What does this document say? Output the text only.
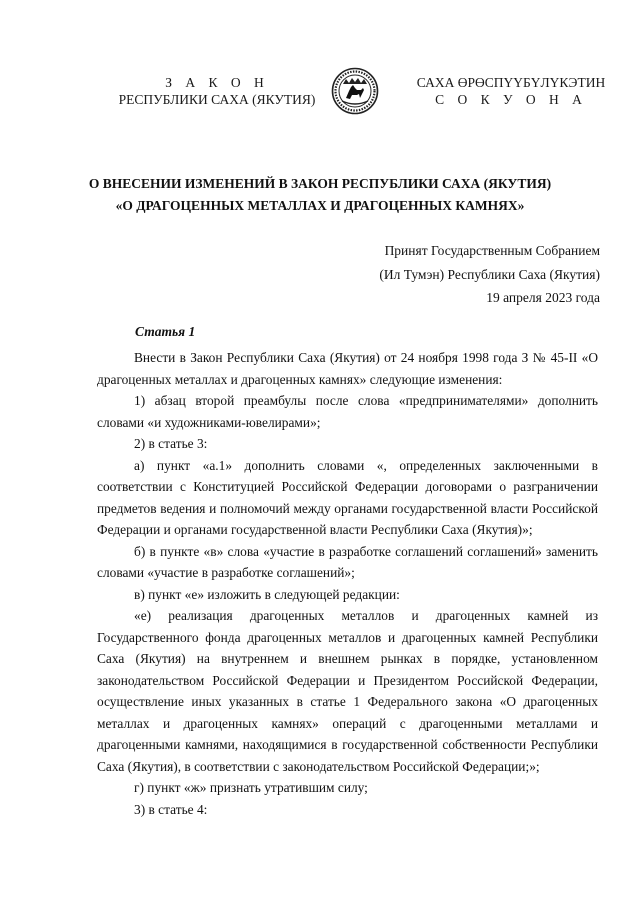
З А К О Н
РЕСПУБЛИКИ САХА (ЯКУТИЯ)
САХА ӨРӨСПҮҮБҮЛҮКЭТИН
С О К У О Н А
О ВНЕСЕНИИ ИЗМЕНЕНИЙ В ЗАКОН РЕСПУБЛИКИ САХА (ЯКУТИЯ)
«О ДРАГОЦЕННЫХ МЕТАЛЛАХ И ДРАГОЦЕННЫХ КАМНЯХ»
Принят Государственным Собранием
(Ил Тумэн) Республики Саха (Якутия)
19 апреля 2023 года
Статья 1

Внести в Закон Республики Саха (Якутия) от 24 ноября 1998 года З № 45-II «О драгоценных металлах и драгоценных камнях» следующие изменения:

1) абзац второй преамбулы после слова «предпринимателями» дополнить словами «и художниками-ювелирами»;

2) в статье 3:

а) пункт «а.1» дополнить словами «, определенных заключенными в соответствии с Конституцией Российской Федерации договорами о разграничении предметов ведения и полномочий между органами государственной власти Российской Федерации и органами государственной власти Республики Саха (Якутия)»;

б) в пункте «в» слова «участие в разработке соглашений соглашений» заменить словами «участие в разработке соглашений»;

в) пункт «е» изложить в следующей редакции:

«е) реализация драгоценных металлов и драгоценных камней из Государственного фонда драгоценных металлов и драгоценных камней Республики Саха (Якутия) на внутреннем и внешнем рынках в порядке, установленном законодательством Российской Федерации и Президентом Российской Федерации, осуществление иных указанных в статье 1 Федерального закона «О драгоценных металлах и драгоценных камнях» операций с драгоценными металлами и драгоценными камнями, находящимися в государственной собственности Республики Саха (Якутия), в соответствии с законодательством Российской Федерации;»;

г) пункт «ж» признать утратившим силу;

3) в статье 4:
